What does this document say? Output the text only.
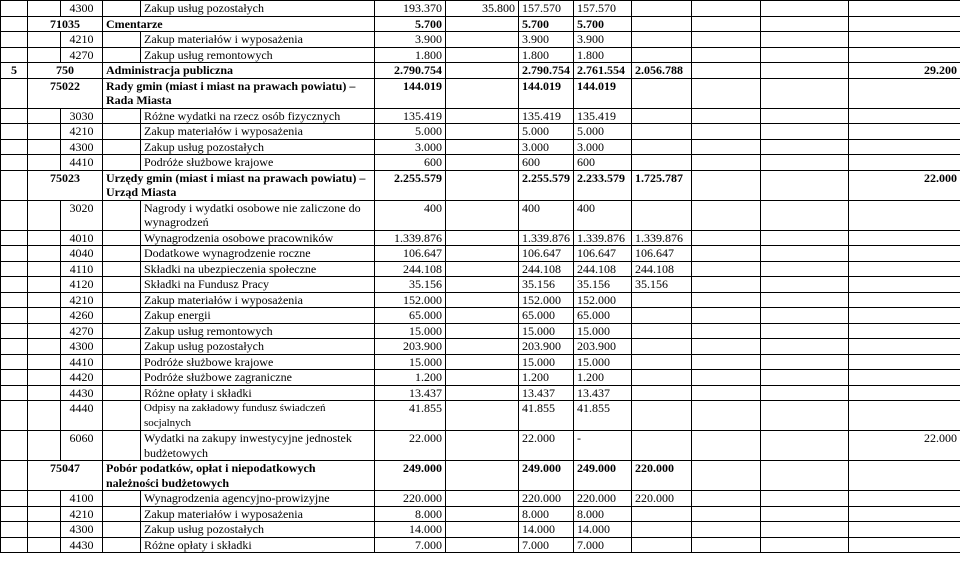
		4300		Zakup usług pozostałych	193.370	35.800	157.570	157.570				
	71035		Cmentarze		5.700		5.700	5.700				
		4210		Zakup materiałów i wyposażenia	3.900		3.900	3.900				
		4270		Zakup usług remontowych	1.800		1.800	1.800				
5	750		Administracja publiczna		2.790.754		2.790.754	2.761.554	2.056.788			29.200
	75022		Rady gmin (miast i miast na prawach powiatu) – Rada Miasta		144.019		144.019	144.019				
		3030		Różne wydatki na rzecz osób fizycznych	135.419		135.419	135.419				
		4210		Zakup materiałów i wyposażenia	5.000		5.000	5.000				
		4300		Zakup usług pozostałych	3.000		3.000	3.000				
		4410		Podróże służbowe krajowe	600		600	600				
	75023		Urzędy gmin (miast i miast na prawach powiatu) – Urząd Miasta		2.255.579		2.255.579	2.233.579	1.725.787			22.000
		3020		Nagrody i wydatki osobowe nie zaliczone do wynagrodzeń	400		400	400				
		4010		Wynagrodzenia osobowe pracowników	1.339.876		1.339.876	1.339.876	1.339.876			
		4040		Dodatkowe wynagrodzenie roczne	106.647		106.647	106.647	106.647			
		4110		Składki na ubezpieczenia społeczne	244.108		244.108	244.108	244.108			
		4120		Składki na Fundusz Pracy	35.156		35.156	35.156	35.156			
		4210		Zakup materiałów i wyposażenia	152.000		152.000	152.000				
		4260		Zakup energii	65.000		65.000	65.000				
		4270		Zakup usług remontowych	15.000		15.000	15.000				
		4300		Zakup usług pozostałych	203.900		203.900	203.900				
		4410		Podróże służbowe krajowe	15.000		15.000	15.000				
		4420		Podróże służbowe zagraniczne	1.200		1.200	1.200				
		4430		Różne opłaty i składki	13.437		13.437	13.437				
		4440		Odpisy na zakładowy fundusz świadczeń socjalnych	41.855		41.855	41.855				
		6060		Wydatki na zakupy inwestycyjne jednostek budżetowych	22.000		22.000	-				22.000
	75047		Pobór podatków, opłat i niepodatkowych należności budżetowych		249.000		249.000	249.000	220.000			
		4100		Wynagrodzenia agencyjno-prowizyjne	220.000		220.000	220.000	220.000			
		4210		Zakup materiałów i wyposażenia	8.000		8.000	8.000				
		4300		Zakup usług pozostałych	14.000		14.000	14.000				
		4430		Różne opłaty i składki	7.000		7.000	7.000				
